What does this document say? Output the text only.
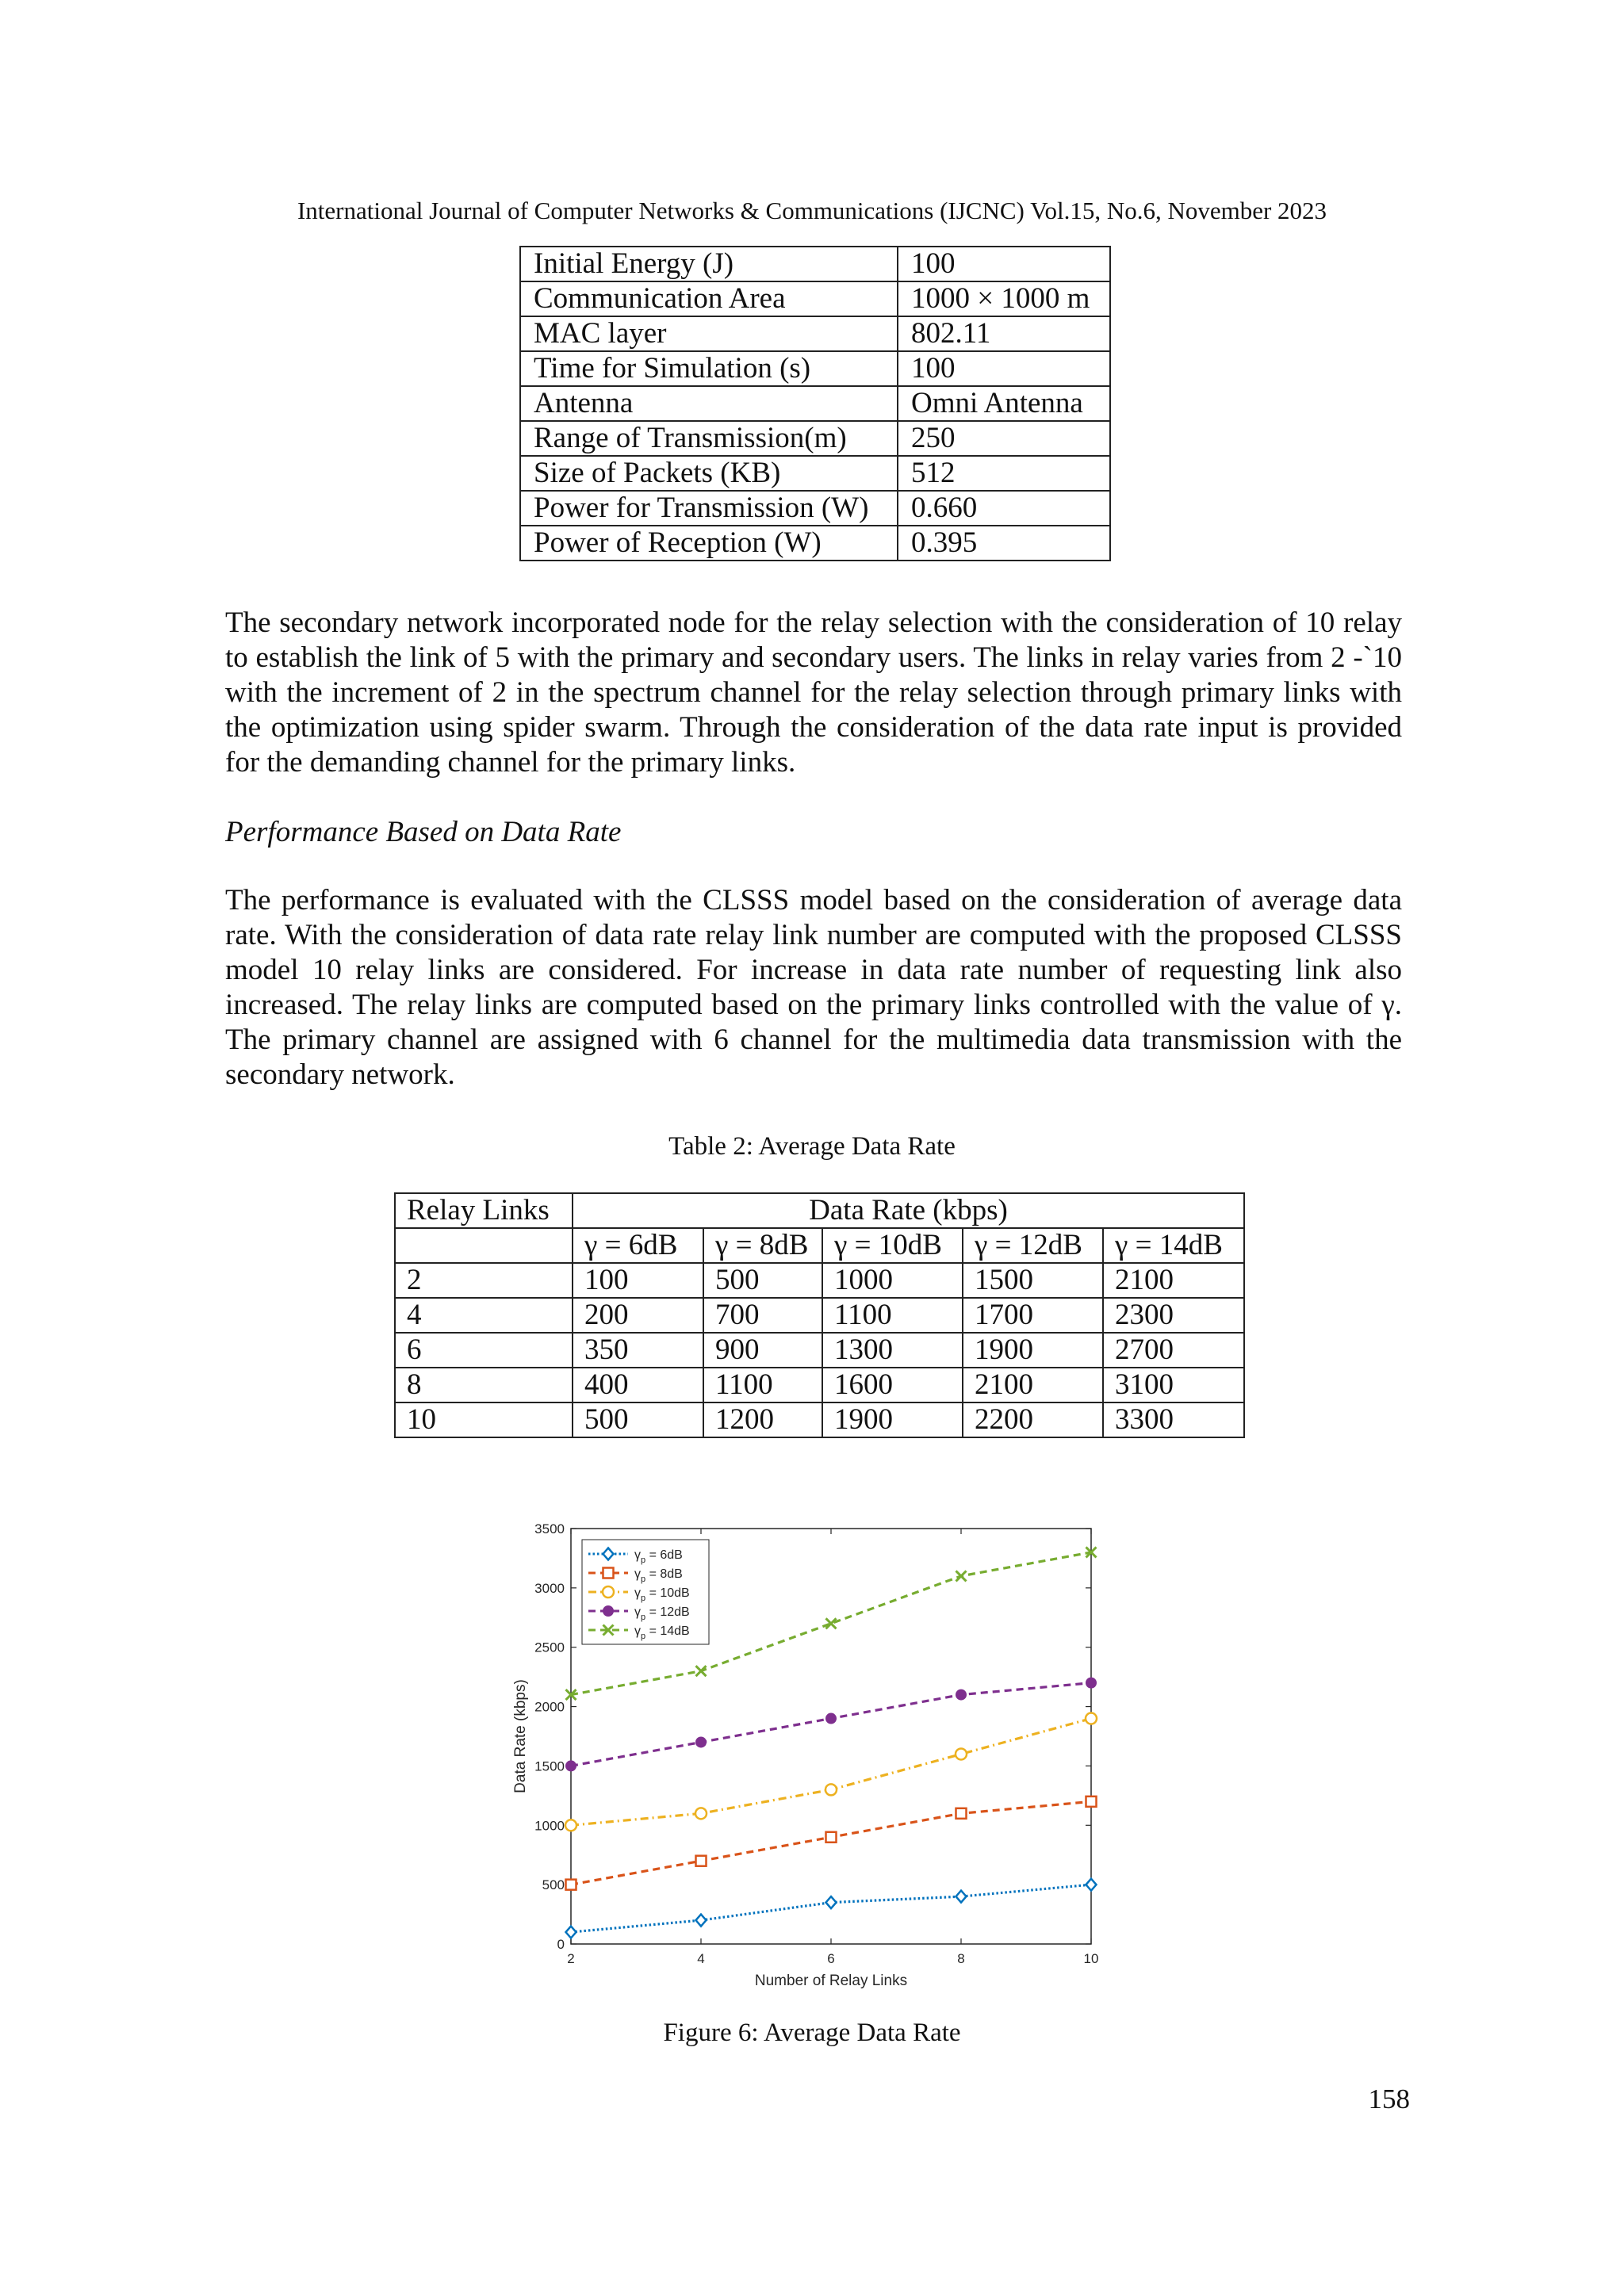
International Journal of Computer Networks & Communications (IJCNC) Vol.15, No.6, November 2023
Initial Energy (J)	100
Communication Area	1000 × 1000 m
MAC layer	802.11
Time for Simulation (s)	100
Antenna	Omni Antenna
Range of Transmission(m)	250
Size of Packets (KB)	512
Power for Transmission (W)	0.660
Power of Reception (W)	0.395

The secondary network incorporated node for the relay selection with the consideration of 10 relay to establish the link of 5 with the primary and secondary users. The links in relay varies from 2 -`10 with the increment of 2 in the spectrum channel for the relay selection through primary links with the optimization using spider swarm. Through the consideration of the data rate input is provided for the demanding channel for the primary links.

Performance Based on Data Rate

The performance is evaluated with the CLSSS model based on the consideration of average data rate. With the consideration of data rate relay link number are computed with the proposed CLSSS model 10 relay links are considered. For increase in data rate number of requesting link also increased. The relay links are computed based on the primary links controlled with the value of γ. The primary channel are assigned with 6 channel for the multimedia data transmission with the secondary network.

Table 2: Average Data Rate
Relay Links	Data Rate (kbps)				
	γ = 6dB	γ = 8dB	γ = 10dB	γ = 12dB	γ = 14dB
2	100	500	1000	1500	2100
4	200	700	1100	1700	2300
6	350	900	1300	1900	2700
8	400	1100	1600	2100	3100
10	500	1200	1900	2200	3300
0
500
1000
1500
2000
2500
3000
3500
2	4	6	8	10
Number of Relay Links
Data Rate (kbps)
$\gamma_p = 6dB$
$\gamma_p = 8dB$
$\gamma_p = 10dB$
$\gamma_p = 12dB$
$\gamma_p = 14dB$
Figure 6: Average Data Rate
158
